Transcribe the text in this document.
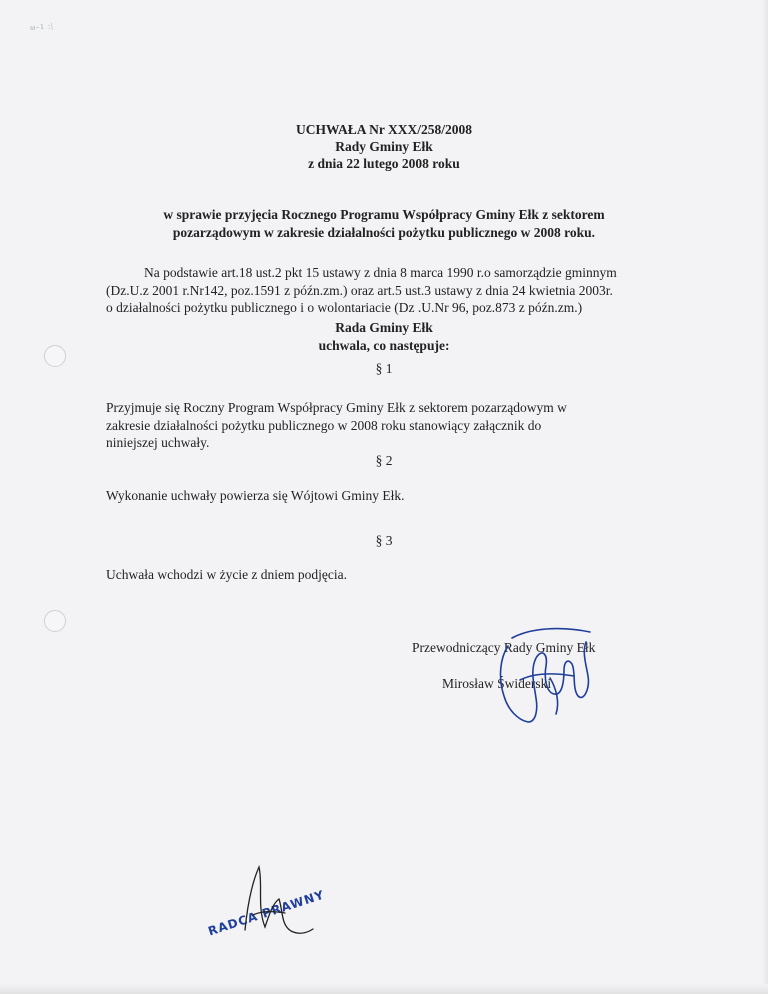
ω-1 :|
UCHWAŁA Nr XXX/258/2008
Rady Gminy Ełk
z dnia 22 lutego 2008 roku
w sprawie przyjęcia Rocznego Programu Współpracy Gminy Ełk z sektorem
pozarządowym w zakresie działalności pożytku publicznego w 2008 roku.
Na podstawie art.18 ust.2 pkt 15 ustawy z dnia 8 marca 1990 r.o samorządzie gminnym
(Dz.U.z 2001 r.Nr142, poz.1591 z późn.zm.) oraz art.5 ust.3 ustawy z dnia 24 kwietnia 2003r.
o działalności pożytku publicznego i o wolontariacie (Dz .U.Nr 96, poz.873 z późn.zm.)
Rada Gminy Ełk
uchwala, co następuje:
§ 1
Przyjmuje się Roczny Program Współpracy Gminy Ełk z sektorem pozarządowym w
zakresie działalności pożytku publicznego w 2008 roku stanowiący załącznik do
niniejszej uchwały.
§ 2
Wykonanie uchwały powierza się Wójtowi Gminy Ełk.
§ 3
Uchwała wchodzi w życie z dniem podjęcia.
Przewodniczący Rady Gminy Ełk
Mirosław Świderski
RADCA PRAWNY
